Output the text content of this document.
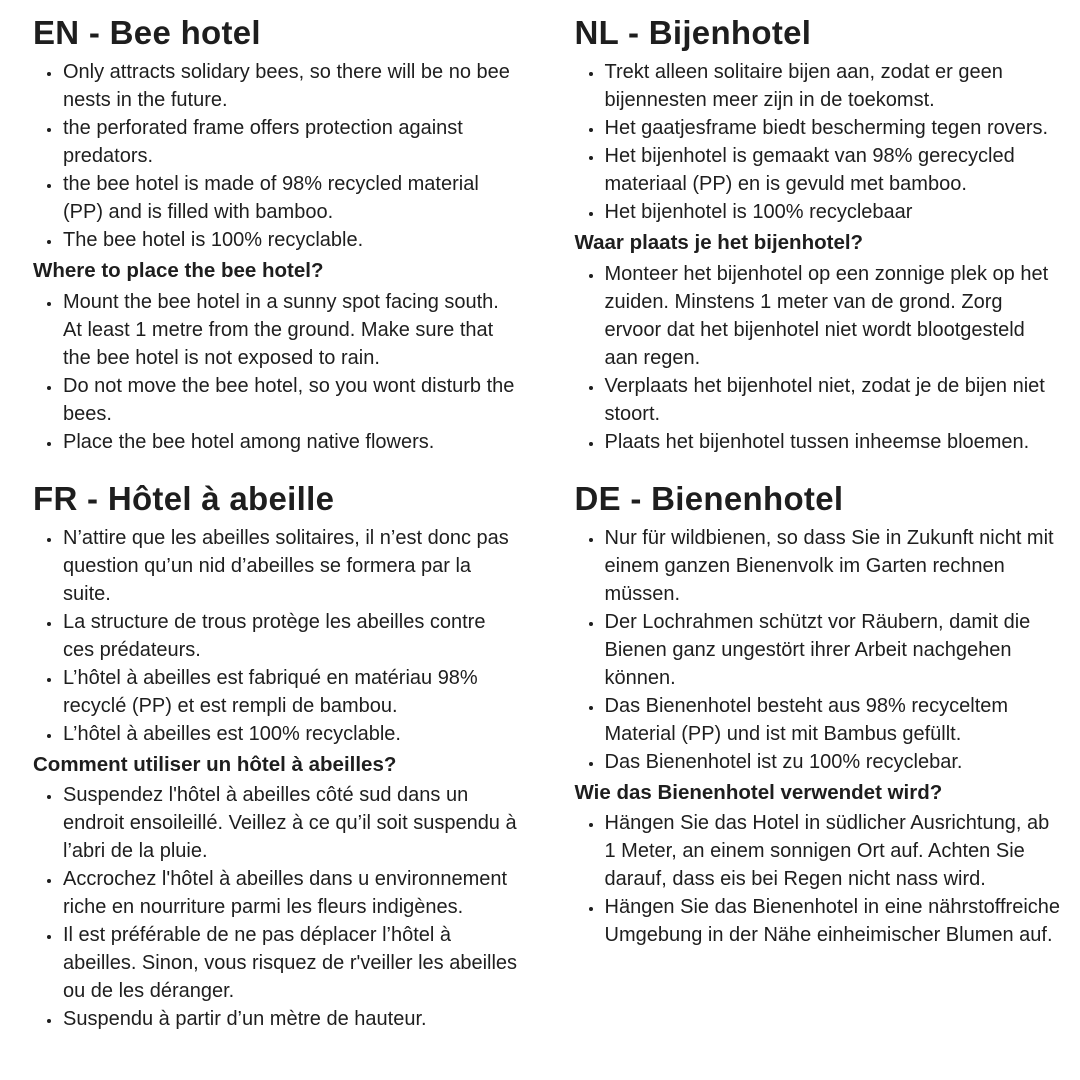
EN - Bee hotel
• Only attracts solidary bees, so there will be no bee nests in the future.
• the perforated frame offers protection against predators.
• the bee hotel is made of 98% recycled material (PP) and is filled with bamboo.
• The bee hotel is 100% recyclable.
Where to place the bee hotel?
• Mount the bee hotel in a sunny spot facing south. At least 1 metre from the ground. Make sure that the bee hotel is not exposed to rain.
• Do not move the bee hotel, so you wont disturb the bees.
• Place the bee hotel among native flowers.
FR - Hôtel à abeille
• N’attire que les abeilles solitaires, il n’est donc pas question qu’un nid d’abeilles se formera par la suite.
• La structure de trous protège les abeilles contre ces prédateurs.
• L’hôtel à abeilles est fabriqué en matériau 98% recyclé (PP) et est rempli de bambou.
• L’hôtel à abeilles est 100% recyclable.
Comment utiliser un hôtel à abeilles?
• Suspendez l'hôtel à abeilles côté sud dans un endroit ensoileillé. Veillez à ce qu’il soit suspendu à l’abri de la pluie.
• Accrochez l'hôtel à abeilles dans u environnement riche en nourriture parmi les fleurs indigènes.
• Il est préférable de ne pas déplacer l’hôtel à abeilles. Sinon, vous risquez de r'veiller les abeilles ou de les déranger.
• Suspendu à partir d’un mètre de hauteur.
NL - Bijenhotel
• Trekt alleen solitaire bijen aan, zodat er geen bijennesten meer zijn in de toekomst.
• Het gaatjesframe biedt bescherming tegen rovers.
• Het bijenhotel is gemaakt van 98% gerecycled materiaal (PP) en is gevuld met bamboo.
• Het bijenhotel is 100% recyclebaar
Waar plaats je het bijenhotel?
• Monteer het bijenhotel op een zonnige plek op het zuiden. Minstens 1 meter van de grond. Zorg ervoor dat het bijenhotel niet wordt blootgesteld aan regen.
• Verplaats het bijenhotel niet, zodat je de bijen niet stoort.
• Plaats het bijenhotel tussen inheemse bloemen.
DE - Bienenhotel
• Nur für wildbienen, so dass Sie in Zukunft nicht mit einem ganzen Bienenvolk im Garten rechnen müssen.
• Der Lochrahmen schützt vor Räubern, damit die Bienen ganz ungestört ihrer Arbeit nachgehen können.
• Das Bienenhotel besteht aus 98% recyceltem Material (PP) und ist mit Bambus gefüllt.
• Das Bienenhotel ist zu 100% recyclebar.
Wie das Bienenhotel verwendet wird?
• Hängen Sie das Hotel in südlicher Ausrichtung, ab 1 Meter, an einem sonnigen Ort auf. Achten Sie darauf, dass eis bei Regen nicht nass wird.
• Hängen Sie das Bienenhotel in eine nährstoffreiche Umgebung in der Nähe einheimischer Blumen auf.
